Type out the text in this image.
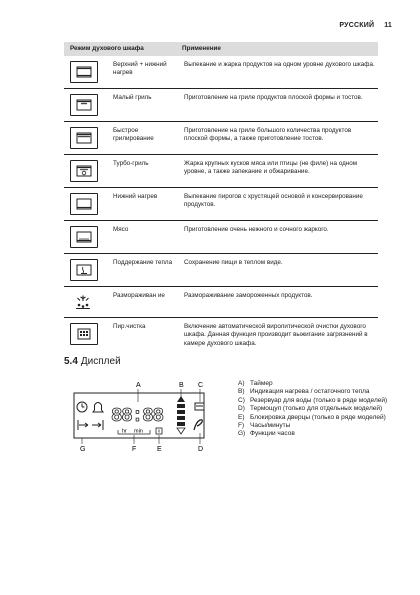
РУССКИЙ 11
Режим духового шкафа		Применение

	Верхний + нижний нагрев	Выпекание и жарка продуктов на одном уровне духового шкафа.

	Малый гриль	Приготовление на гриле продуктов плоской формы и тостов.

	Быстрое грилирование	Приготовление на гриле большого количества продуктов плоской формы, а также приготовление тостов.

	Турбо-гриль	Жарка крупных кусков мяса или птицы (не филе) на одном уровне, а также запекание и обжаривание.

	Нижний нагрев	Выпекание пирогов с хрустящей основой и консервирование продуктов.

	Мясо	Приготовление очень нежного и сочного жаркого.

	Поддержание тепла	Сохранение пищи в теплом виде.

	Размораживан ие	Размораживание замороженных продуктов.

	Пир.чистка	Включение автоматической виролитической очистки духового шкафа. Данная функция производит выжигание загрязнений в камере духового шкафа.
5.4 Дисплей
A	B C
88:88
hr min
G	F	E	D
A) Таймер
B) Индикация нагрева / остаточного тепла
C) Резервуар для воды (только в ряде моделей)
D) Термощуп (только для отдельных моделей)
E) Блокировка дверцы (только в ряде моделей)
F) Часы/минуты
G) Функции часов
